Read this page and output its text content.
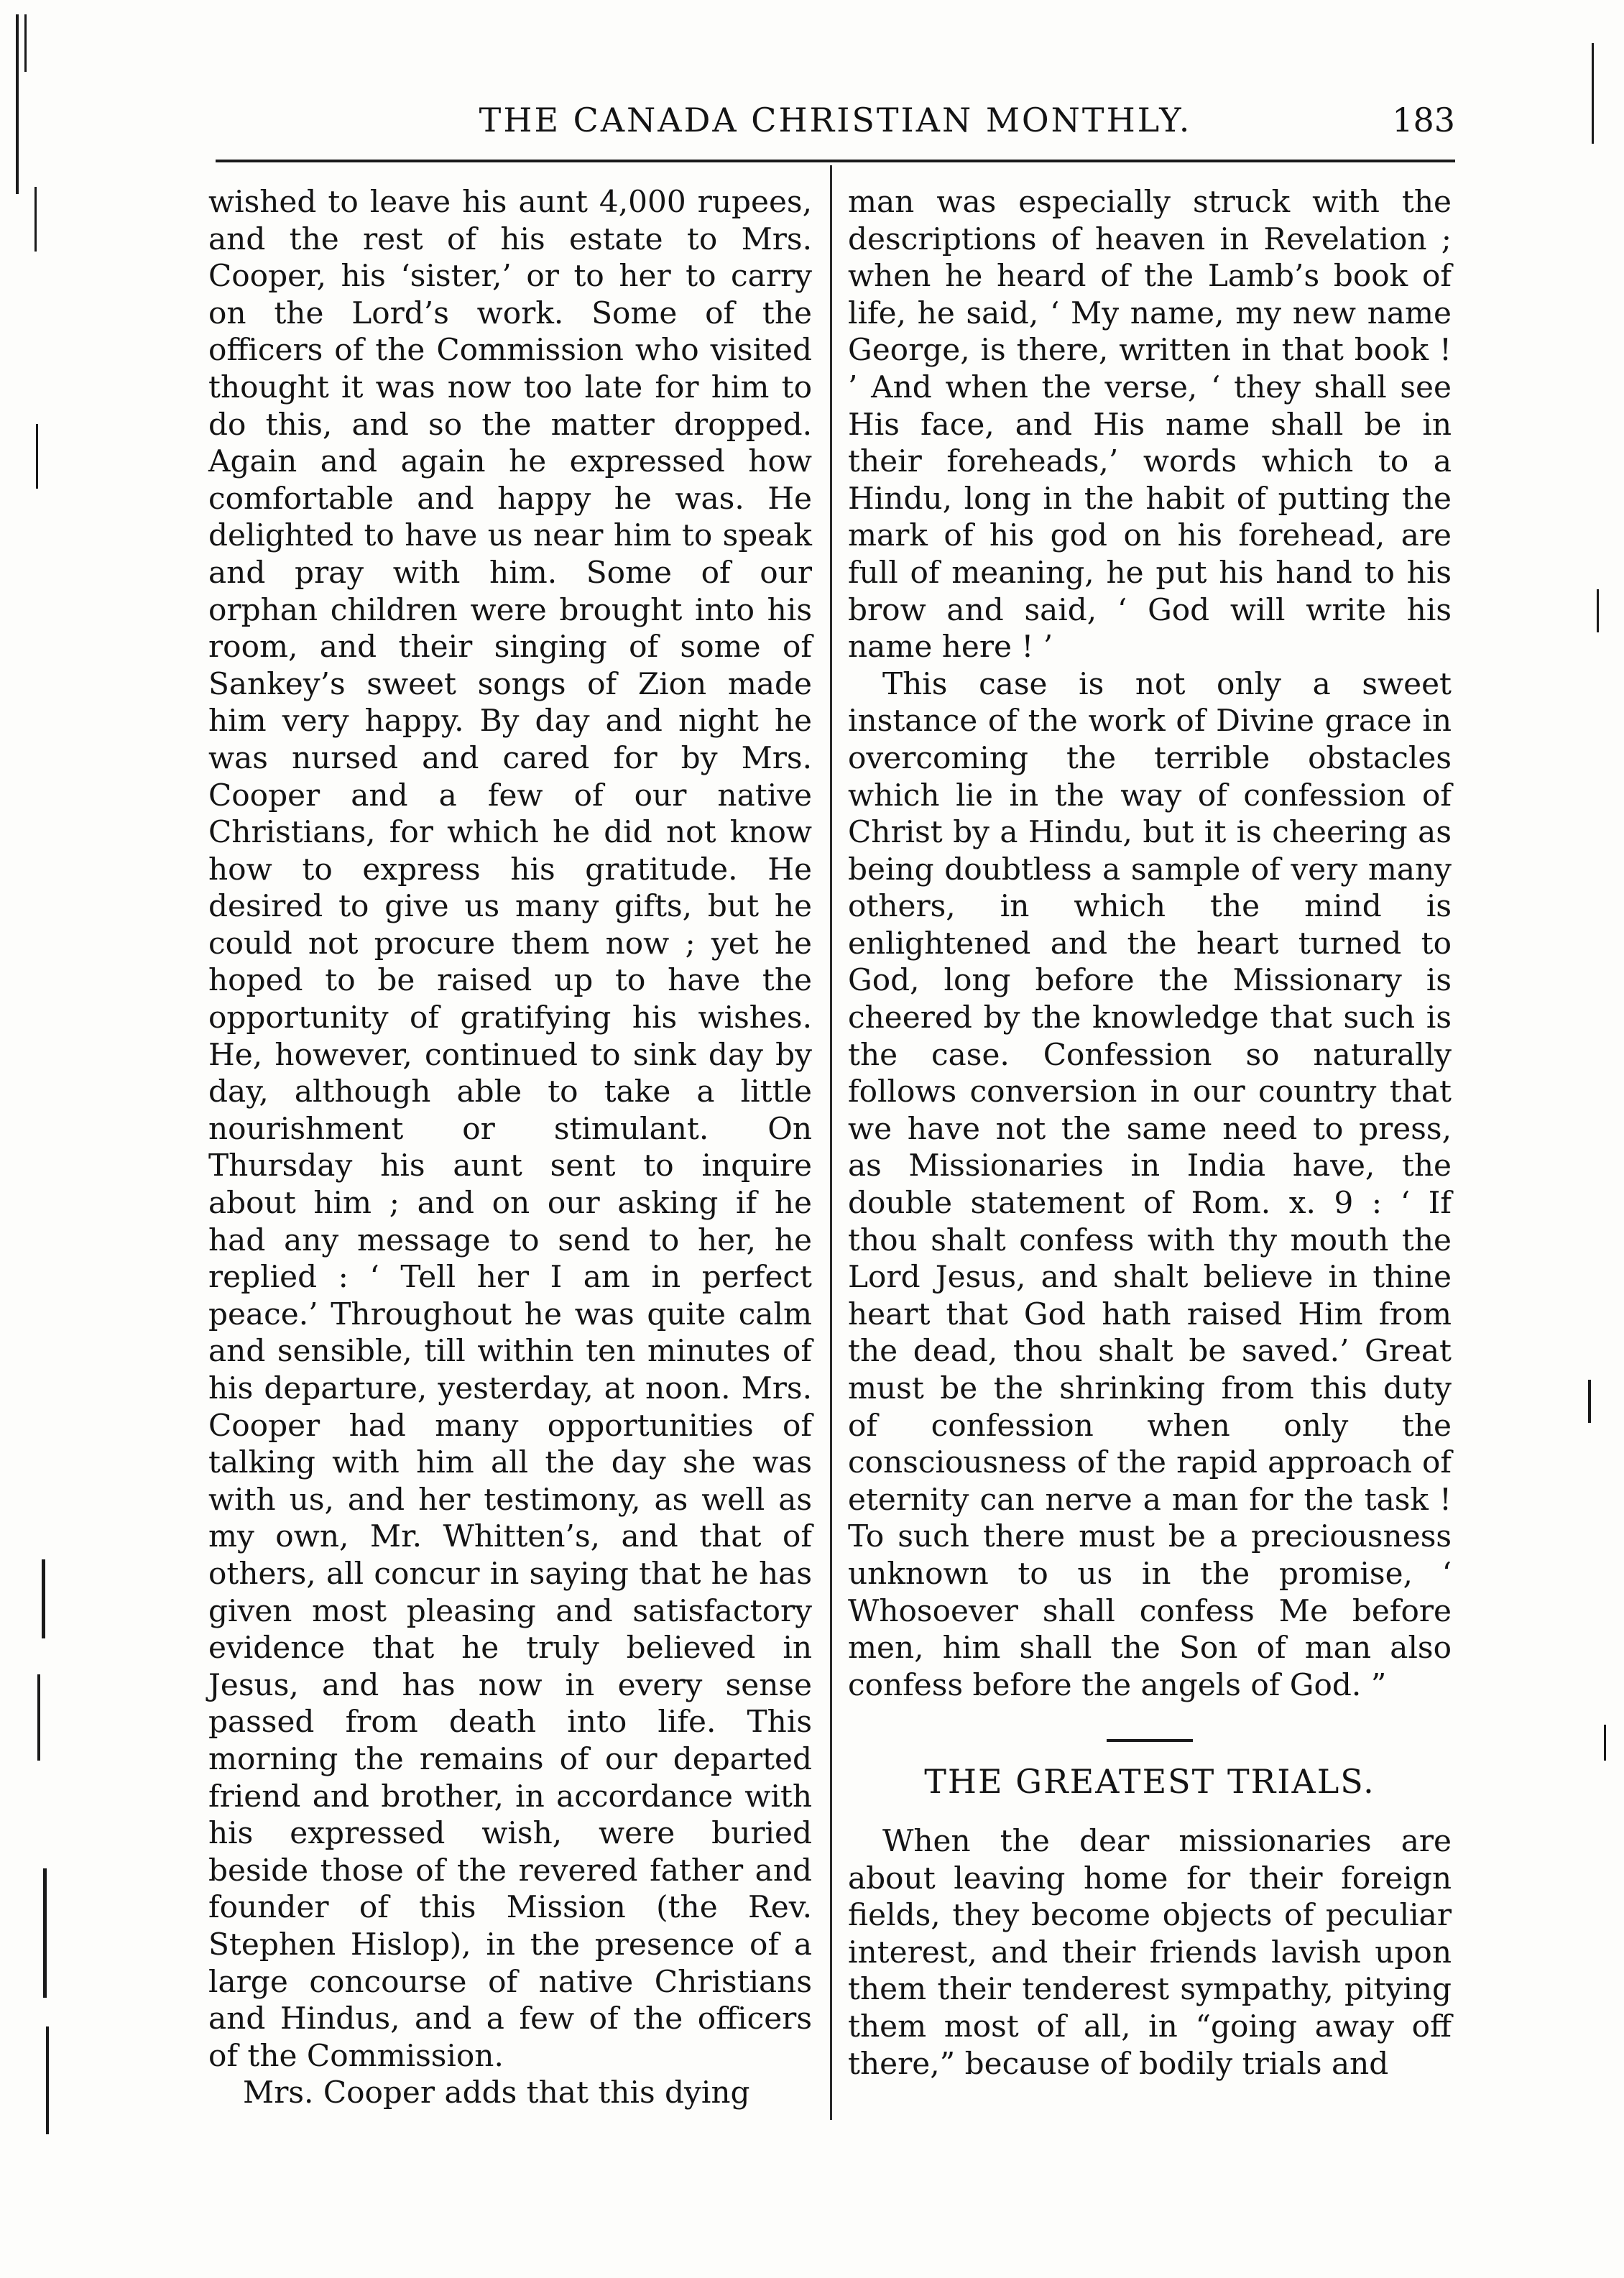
THE CANADA CHRISTIAN MONTHLY.	183

wished to leave his aunt 4,000 rupees, and the rest of his estate to Mrs. Cooper, his ‘sister,’ or to her to carry on the Lord’s work. Some of the officers of the Commission who visited thought it was now too late for him to do this, and so the matter dropped. Again and again he expressed how comfortable and happy he was. He delighted to have us near him to speak and pray with him. Some of our orphan children were brought into his room, and their singing of some of Sankey’s sweet songs of Zion made him very happy. By day and night he was nursed and cared for by Mrs. Cooper and a few of our native Christians, for which he did not know how to express his gratitude. He desired to give us many gifts, but he could not procure them now ; yet he hoped to be raised up to have the opportunity of gratifying his wishes. He, however, continued to sink day by day, although able to take a little nourishment or stimulant. On Thursday his aunt sent to inquire about him ; and on our asking if he had any message to send to her, he replied : ‘ Tell her I am in perfect peace.’ Throughout he was quite calm and sensible, till within ten minutes of his departure, yesterday, at noon. Mrs. Cooper had many opportunities of talking with him all the day she was with us, and her testimony, as well as my own, Mr. Whitten’s, and that of others, all concur in saying that he has given most pleasing and satisfactory evidence that he truly believed in Jesus, and has now in every sense passed from death into life. This morning the remains of our departed friend and brother, in accordance with his expressed wish, were buried beside those of the revered father and founder of this Mission (the Rev. Stephen Hislop), in the presence of a large concourse of native Christians and Hindus, and a few of the officers of the Commission.

Mrs. Cooper adds that this dying

man was especially struck with the descriptions of heaven in Revelation ; when he heard of the Lamb’s book of life, he said, ‘ My name, my new name George, is there, written in that book ! ’ And when the verse, ‘ they shall see His face, and His name shall be in their foreheads,’ words which to a Hindu, long in the habit of putting the mark of his god on his forehead, are full of meaning, he put his hand to his brow and said, ‘ God will write his name here ! ’

This case is not only a sweet instance of the work of Divine grace in overcoming the terrible obstacles which lie in the way of confession of Christ by a Hindu, but it is cheering as being doubtless a sample of very many others, in which the mind is enlightened and the heart turned to God, long before the Missionary is cheered by the knowledge that such is the case. Confession so naturally follows conversion in our country that we have not the same need to press, as Missionaries in India have, the double statement of Rom. x. 9 : ‘ If thou shalt confess with thy mouth the Lord Jesus, and shalt believe in thine heart that God hath raised Him from the dead, thou shalt be saved.’ Great must be the shrinking from this duty of confession when only the consciousness of the rapid approach of eternity can nerve a man for the task ! To such there must be a preciousness unknown to us in the promise, ‘ Whosoever shall confess Me before men, him shall the Son of man also confess before the angels of God. ”

THE GREATEST TRIALS.

When the dear missionaries are about leaving home for their foreign fields, they become objects of peculiar interest, and their friends lavish upon them their tenderest sympathy, pitying them most of all, in “going away off there,” because of bodily trials and
